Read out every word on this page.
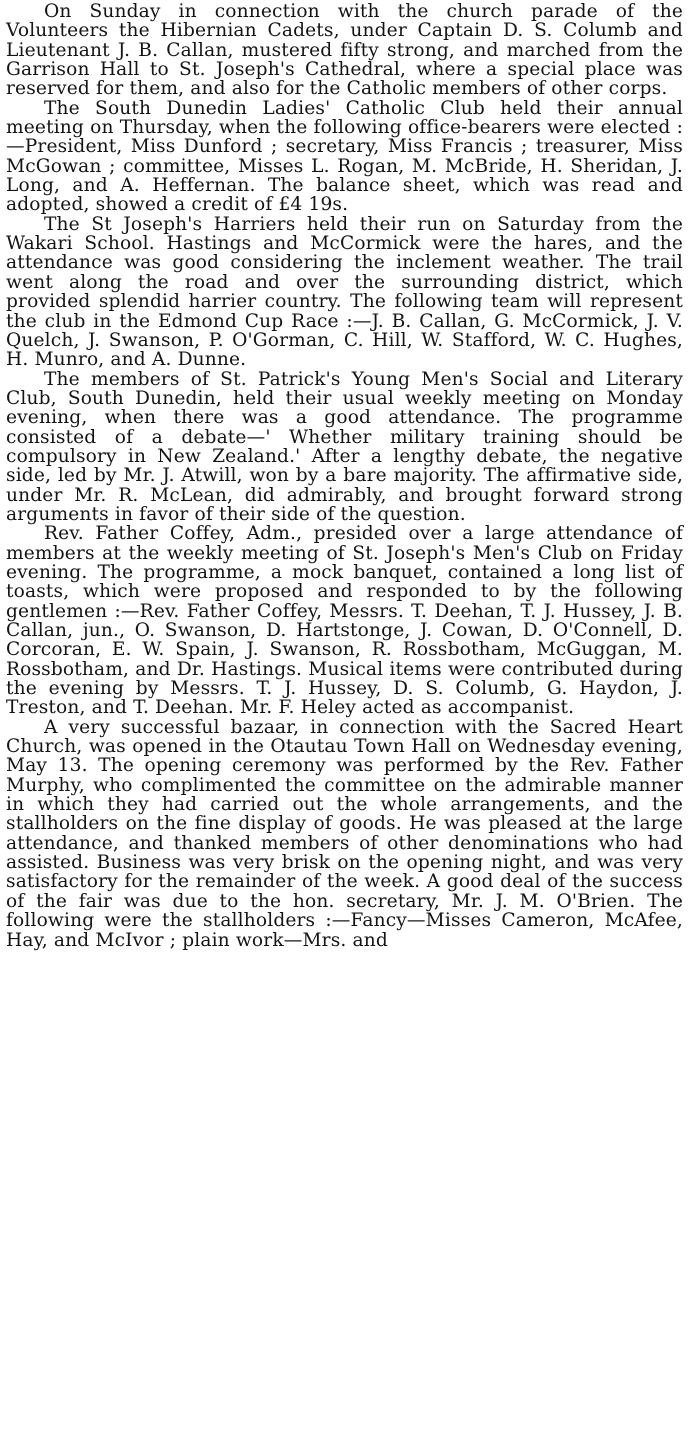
On Sunday in connection with the church parade of the Volunteers the Hibernian Cadets, under Captain D. S. Columb and Lieutenant J. B. Callan, mustered fifty strong, and marched from the Garrison Hall to St. Joseph's Cathedral, where a special place was reserved for them, and also for the Catholic members of other corps.

The South Dunedin Ladies' Catholic Club held their annual meeting on Thursday, when the following office-bearers were elected :—President, Miss Dunford ; secretary, Miss Francis ; treasurer, Miss McGowan ; committee, Misses L. Rogan, M. McBride, H. Sheridan, J. Long, and A. Heffernan. The balance sheet, which was read and adopted, showed a credit of £4 19s.

The St Joseph's Harriers held their run on Saturday from the Wakari School. Hastings and McCormick were the hares, and the attendance was good considering the inclement weather. The trail went along the road and over the surrounding district, which provided splendid harrier country. The following team will represent the club in the Edmond Cup Race :—J. B. Callan, G. McCormick, J. V. Quelch, J. Swanson, P. O'Gorman, C. Hill, W. Stafford, W. C. Hughes, H. Munro, and A. Dunne.

The members of St. Patrick's Young Men's Social and Literary Club, South Dunedin, held their usual weekly meeting on Monday evening, when there was a good attendance. The programme consisted of a debate—' Whether military training should be compulsory in New Zealand.' After a lengthy debate, the negative side, led by Mr. J. Atwill, won by a bare majority. The affirmative side, under Mr. R. McLean, did admirably, and brought forward strong arguments in favor of their side of the question.

Rev. Father Coffey, Adm., presided over a large attendance of members at the weekly meeting of St. Joseph's Men's Club on Friday evening. The programme, a mock banquet, contained a long list of toasts, which were proposed and responded to by the following gentlemen :—Rev. Father Coffey, Messrs. T. Deehan, T. J. Hussey, J. B. Callan, jun., O. Swanson, D. Hartstonge, J. Cowan, D. O'Connell, D. Corcoran, E. W. Spain, J. Swanson, R. Rossbotham, McGuggan, M. Rossbotham, and Dr. Hastings. Musical items were contributed during the evening by Messrs. T. J. Hussey, D. S. Columb, G. Haydon, J. Treston, and T. Deehan. Mr. F. Heley acted as accompanist.

A very successful bazaar, in connection with the Sacred Heart Church, was opened in the Otautau Town Hall on Wednesday evening, May 13. The opening ceremony was performed by the Rev. Father Murphy, who complimented the committee on the admirable manner in which they had carried out the whole arrangements, and the stallholders on the fine display of goods. He was pleased at the large attendance, and thanked members of other denominations who had assisted. Business was very brisk on the opening night, and was very satisfactory for the remainder of the week. A good deal of the success of the fair was due to the hon. secretary, Mr. J. M. O'Brien. The following were the stallholders :—Fancy—Misses Cameron, McAfee, Hay, and McIvor ; plain work—Mrs. and
